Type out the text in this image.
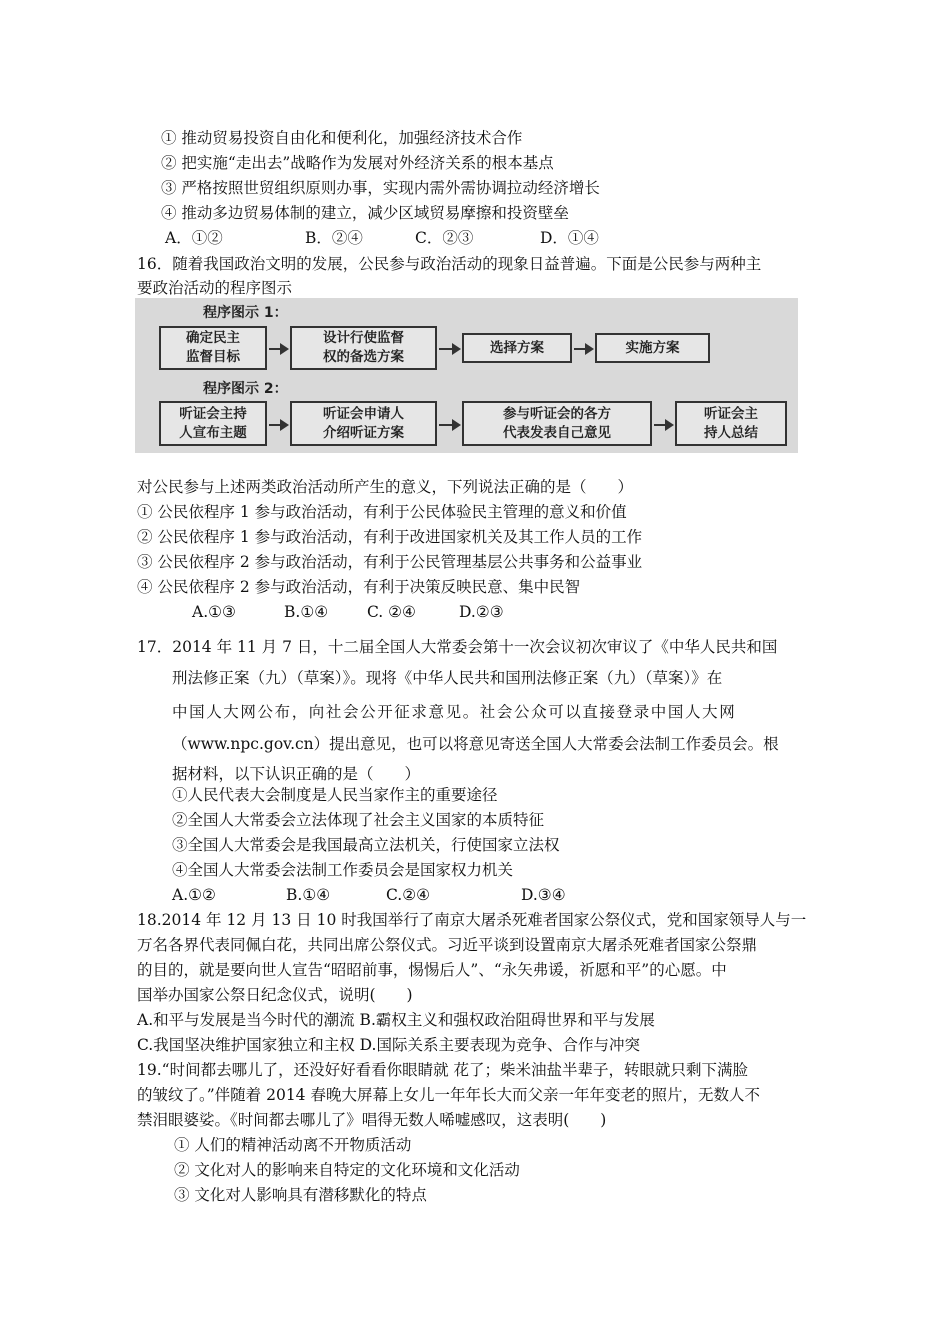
① 推动贸易投资自由化和便利化，加强经济技术合作
② 把实施“走出去”战略作为发展对外经济关系的根本基点
③ 严格按照世贸组织原则办事，实现内需外需协调拉动经济增长
④ 推动多边贸易体制的建立，减少区域贸易摩擦和投资壁垒
A．①②	B．②④	C．②③	D．①④
16．随着我国政治文明的发展，公民参与政治活动的现象日益普遍。下面是公民参与两种主
要政治活动的程序图示
程序图示 1：
确定民主
监督目标
设计行使监督
权的备选方案
选择方案	实施方案
程序图示 2：
听证会主持
人宣布主题
听证会申请人
介绍听证方案
参与听证会的各方
代表发表自己意见
听证会主
持人总结
对公民参与上述两类政治活动所产生的意义，下列说法正确的是（　　）
① 公民依程序 1 参与政治活动，有利于公民体验民主管理的意义和价值
② 公民依程序 1 参与政治活动，有利于改进国家机关及其工作人员的工作
③ 公民依程序 2 参与政治活动，有利于公民管理基层公共事务和公益事业
④ 公民依程序 2 参与政治活动，有利于决策反映民意、集中民智
A.①③	B.①④	C. ②④	D.②③
17．2014 年 11 月 7 日，十二届全国人大常委会第十一次会议初次审议了《中华人民共和国
刑法修正案（九）（草案）》。现将《中华人民共和国刑法修正案（九）（草案）》在
中国人大网公布，向社会公开征求意见。社会公众可以直接登录中国人大网
（www.npc.gov.cn）提出意见，也可以将意见寄送全国人大常委会法制工作委员会。根
据材料，以下认识正确的是（　　）
①人民代表大会制度是人民当家作主的重要途径
②全国人大常委会立法体现了社会主义国家的本质特征
③全国人大常委会是我国最高立法机关，行使国家立法权
④全国人大常委会法制工作委员会是国家权力机关
A.①②	B.①④	C.②④	D.③④
18.2014 年 12 月 13 日 10 时我国举行了南京大屠杀死难者国家公祭仪式，党和国家领导人与一
万名各界代表同佩白花，共同出席公祭仪式。习近平谈到设置南京大屠杀死难者国家公祭鼎
的目的，就是要向世人宣告“昭昭前事，惕惕后人”、“永矢弗谖，祈愿和平”的心愿。中
国举办国家公祭日纪念仪式，说明(　　)
A.和平与发展是当今时代的潮流 B.霸权主义和强权政治阻碍世界和平与发展
C.我国坚决维护国家独立和主权 D.国际关系主要表现为竞争、合作与冲突
19.“时间都去哪儿了，还没好好看看你眼睛就 花了；柴米油盐半辈子，转眼就只剩下满脸
的皱纹了。”伴随着 2014 春晚大屏幕上女儿一年年长大而父亲一年年变老的照片，无数人不
禁泪眼婆娑。《时间都去哪儿了》唱得无数人唏嘘感叹，这表明(　　)
① 人们的精神活动离不开物质活动
② 文化对人的影响来自特定的文化环境和文化活动
③ 文化对人影响具有潜移默化的特点
